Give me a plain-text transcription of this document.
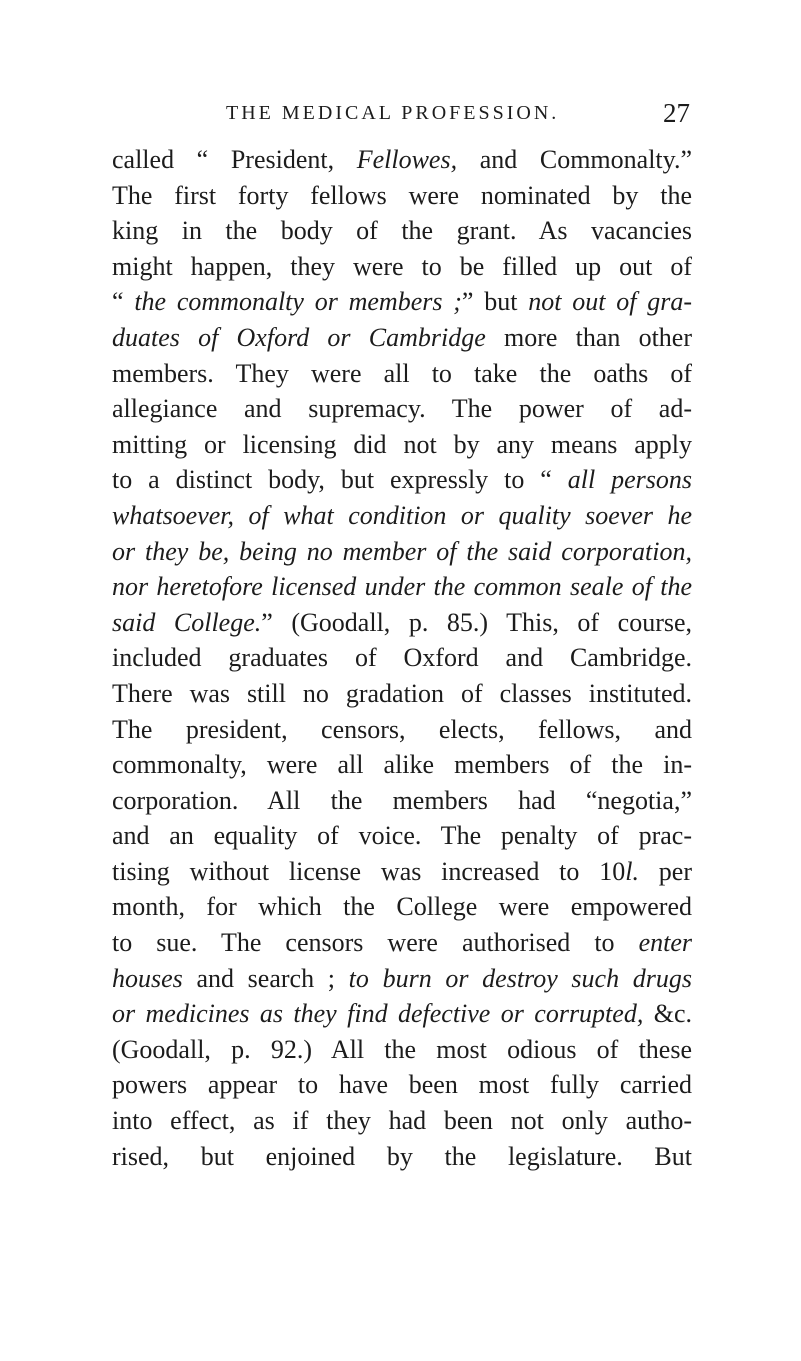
THE MEDICAL PROFESSION.	27
called “ President, Fellowes, and Commonalty.”
The first forty fellows were nominated by the
king in the body of the grant. As vacancies
might happen, they were to be filled up out of
“ the commonalty or members ;” but not out of gra-
duates of Oxford or Cambridge more than other
members. They were all to take the oaths of
allegiance and supremacy. The power of ad-
mitting or licensing did not by any means apply
to a distinct body, but expressly to “ all persons
whatsoever, of what condition or quality soever he
or they be, being no member of the said corporation,
nor heretofore licensed under the common seale of the
said College.” (Goodall, p. 85.) This, of course,
included graduates of Oxford and Cambridge.
There was still no gradation of classes instituted.
The president, censors, elects, fellows, and
commonalty, were all alike members of the in-
corporation. All the members had “negotia,”
and an equality of voice. The penalty of prac-
tising without license was increased to 10l. per
month, for which the College were empowered
to sue. The censors were authorised to enter
houses and search ; to burn or destroy such drugs
or medicines as they find defective or corrupted, &c.
(Goodall, p. 92.) All the most odious of these
powers appear to have been most fully carried
into effect, as if they had been not only autho-
rised, but enjoined by the legislature. But
